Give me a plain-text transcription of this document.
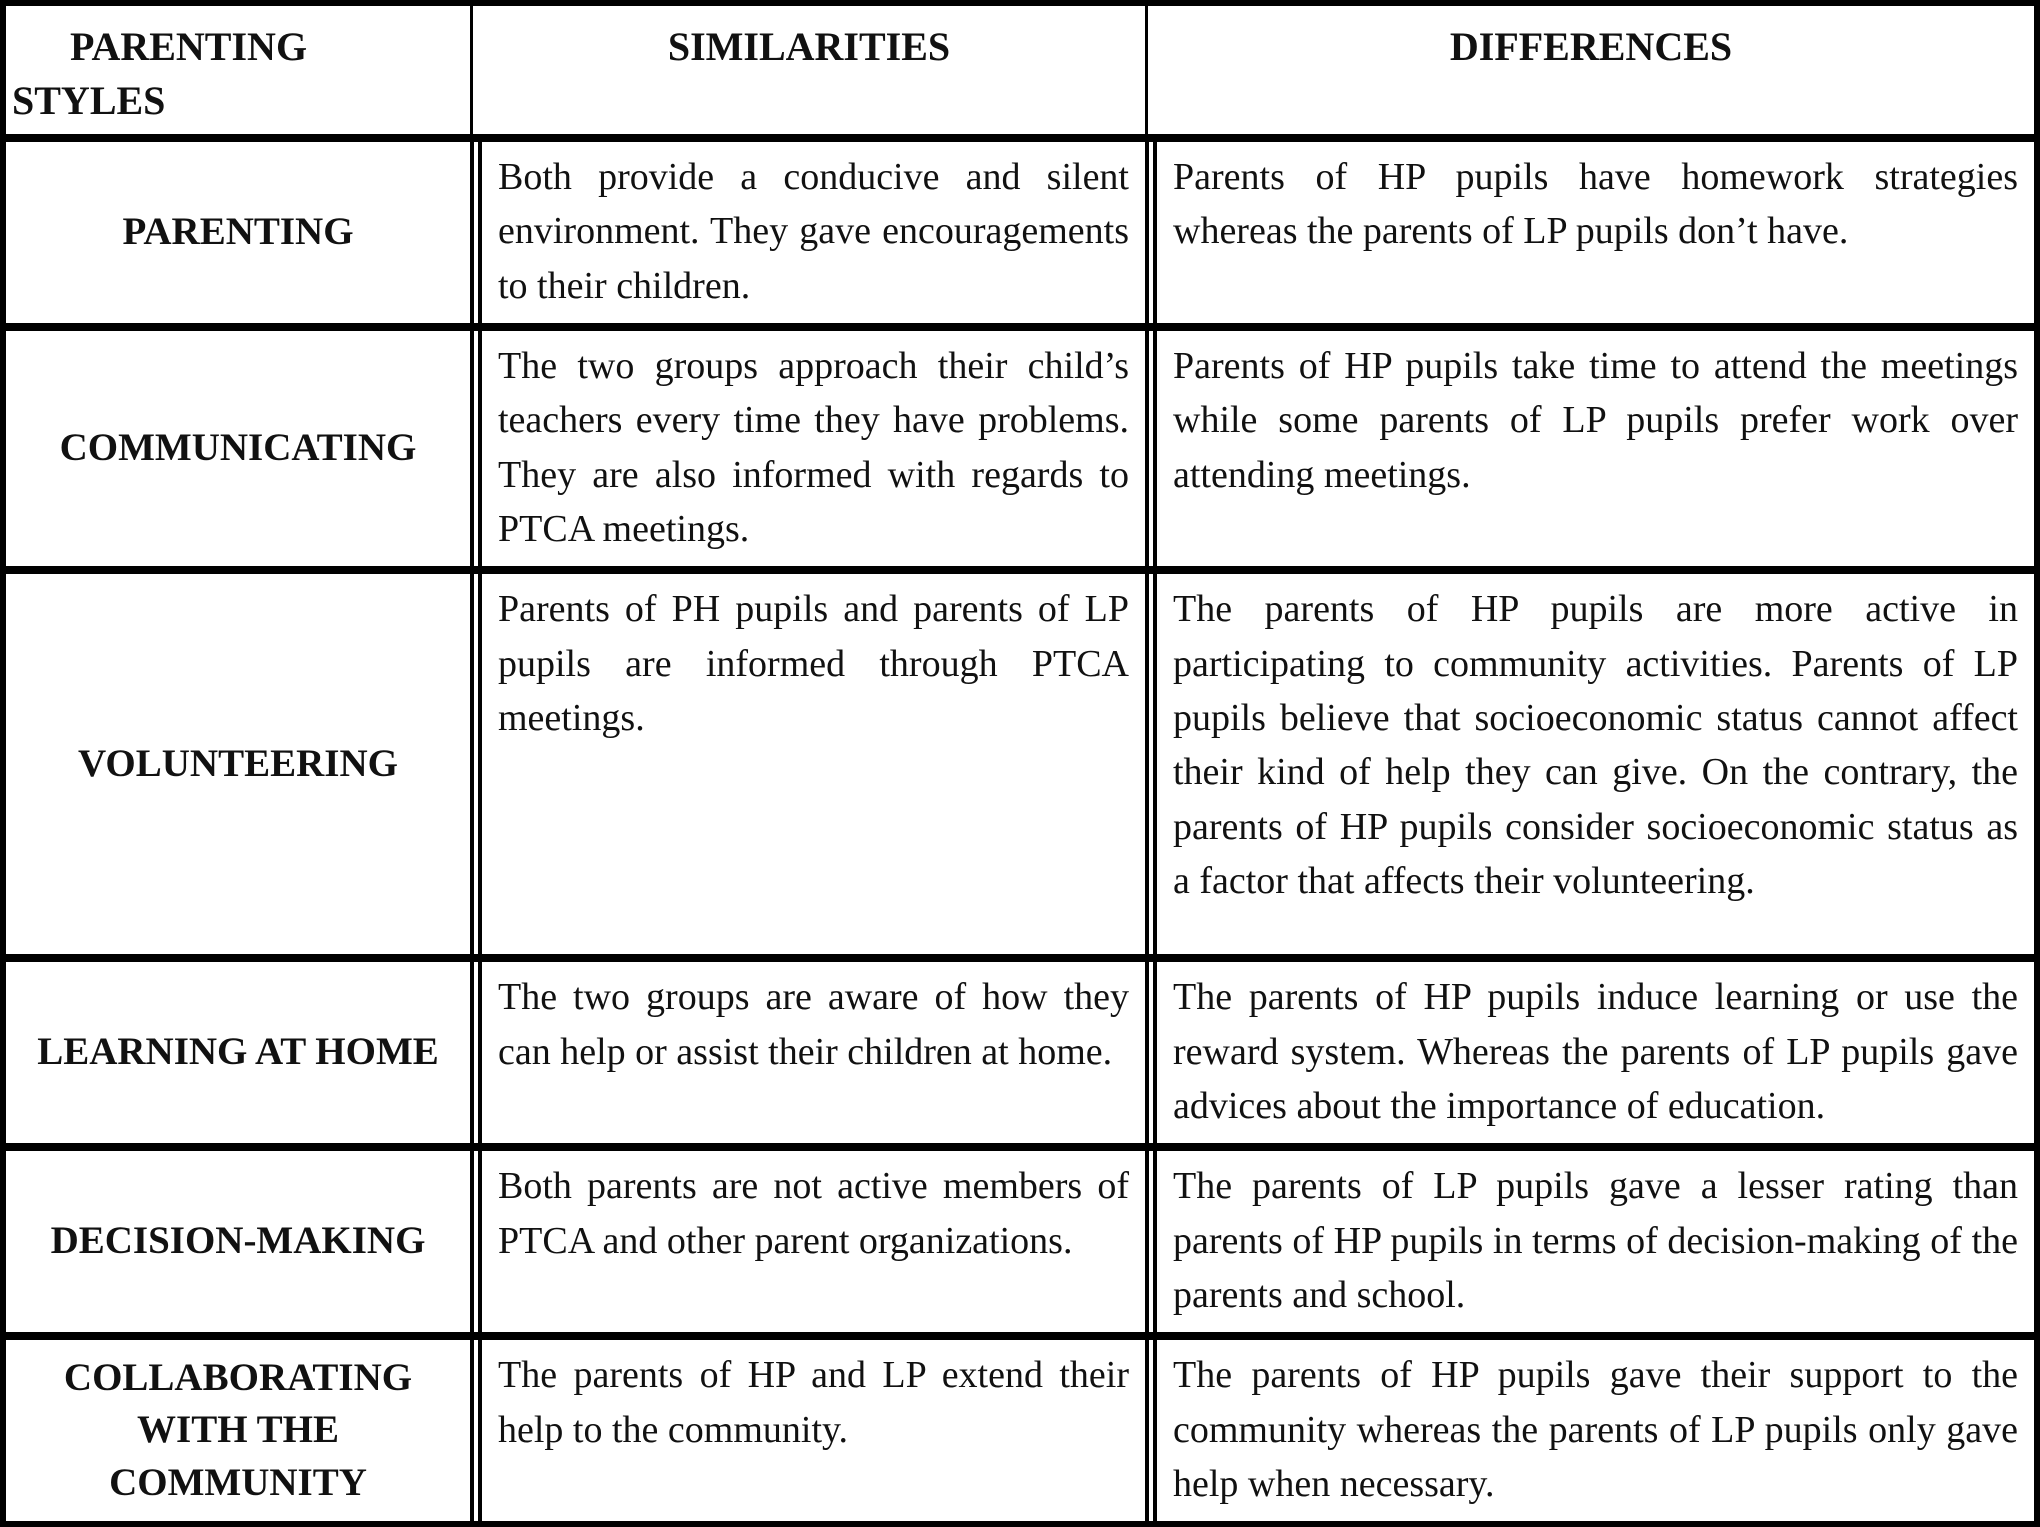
PARENTING STYLES
SIMILARITIES	DIFFERENCES
PARENTING
Both provide a conducive and silent environment. They gave encouragements to their children.
Parents of HP pupils have homework strategies whereas the parents of LP pupils don’t have.
COMMUNICATING
The two groups approach their child’s teachers every time they have problems. They are also informed with regards to PTCA meetings.
Parents of HP pupils take time to attend the meetings while some parents of LP pupils prefer work over attending meetings.
VOLUNTEERING
Parents of PH pupils and parents of LP pupils are informed through PTCA meetings.
The parents of HP pupils are more active in participating to community activities. Parents of LP pupils believe that socioeconomic status cannot affect their kind of help they can give. On the contrary, the parents of HP pupils consider socioeconomic status as a factor that affects their volunteering.
LEARNING AT HOME
The two groups are aware of how they can help or assist their children at home.
The parents of HP pupils induce learning or use the reward system. Whereas the parents of LP pupils gave advices about the importance of education.
DECISION-MAKING
Both parents are not active members of PTCA and other parent organizations.
The parents of LP pupils gave a lesser rating than parents of HP pupils in terms of decision-making of the parents and school.
COLLABORATING WITH THE COMMUNITY
The parents of HP and LP extend their help to the community.
The parents of HP pupils gave their support to the community whereas the parents of LP pupils only gave help when necessary.
